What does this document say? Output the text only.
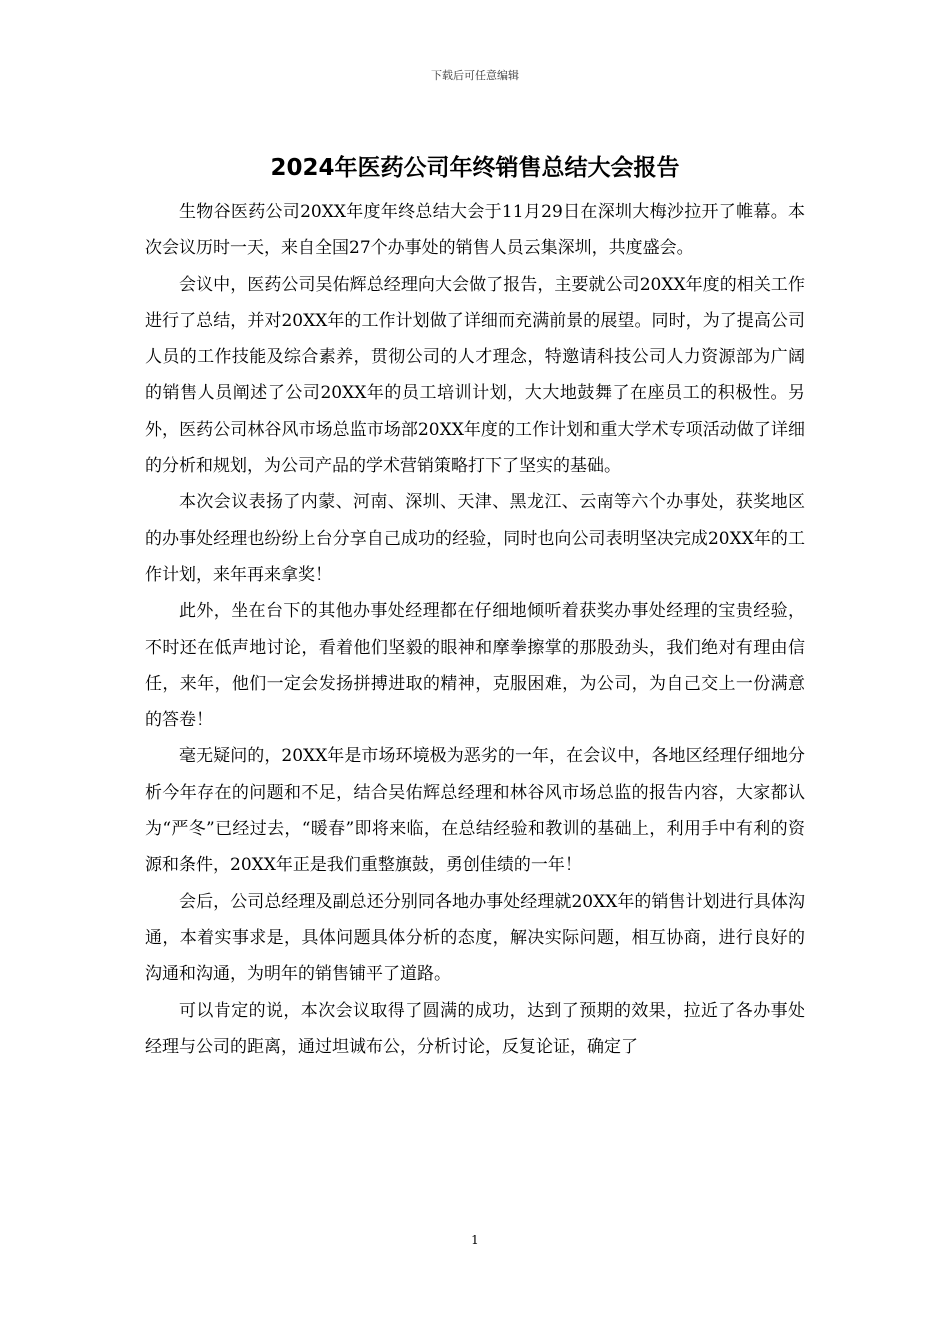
下载后可任意编辑
2024年医药公司年终销售总结大会报告

生物谷医药公司20XX年度年终总结大会于11月29日在深圳大梅沙拉开了帷幕。本次会议历时一天，来自全国27个办事处的销售人员云集深圳，共度盛会。

会议中，医药公司吴佑辉总经理向大会做了报告，主要就公司20XX年度的相关工作进行了总结，并对20XX年的工作计划做了详细而充满前景的展望。同时，为了提高公司人员的工作技能及综合素养，贯彻公司的人才理念，特邀请科技公司人力资源部为广阔的销售人员阐述了公司20XX年的员工培训计划，大大地鼓舞了在座员工的积极性。另外，医药公司林谷风市场总监市场部20XX年度的工作计划和重大学术专项活动做了详细的分析和规划，为公司产品的学术营销策略打下了坚实的基础。

本次会议表扬了内蒙、河南、深圳、天津、黑龙江、云南等六个办事处，获奖地区的办事处经理也纷纷上台分享自己成功的经验，同时也向公司表明坚决完成20XX年的工作计划，来年再来拿奖！

此外，坐在台下的其他办事处经理都在仔细地倾听着获奖办事处经理的宝贵经验，不时还在低声地讨论，看着他们坚毅的眼神和摩拳擦掌的那股劲头，我们绝对有理由信任，来年，他们一定会发扬拼搏进取的精神，克服困难，为公司，为自己交上一份满意的答卷！

毫无疑问的，20XX年是市场环境极为恶劣的一年，在会议中，各地区经理仔细地分析今年存在的问题和不足，结合吴佑辉总经理和林谷风市场总监的报告内容，大家都认为“严冬”已经过去，“暖春”即将来临，在总结经验和教训的基础上，利用手中有利的资源和条件，20XX年正是我们重整旗鼓，勇创佳绩的一年！

会后，公司总经理及副总还分别同各地办事处经理就20XX年的销售计划进行具体沟通，本着实事求是，具体问题具体分析的态度，解决实际问题，相互协商，进行良好的沟通和沟通，为明年的销售铺平了道路。

可以肯定的说，本次会议取得了圆满的成功，达到了预期的效果，拉近了各办事处经理与公司的距离，通过坦诚布公，分析讨论，反复论证，确定了

1
